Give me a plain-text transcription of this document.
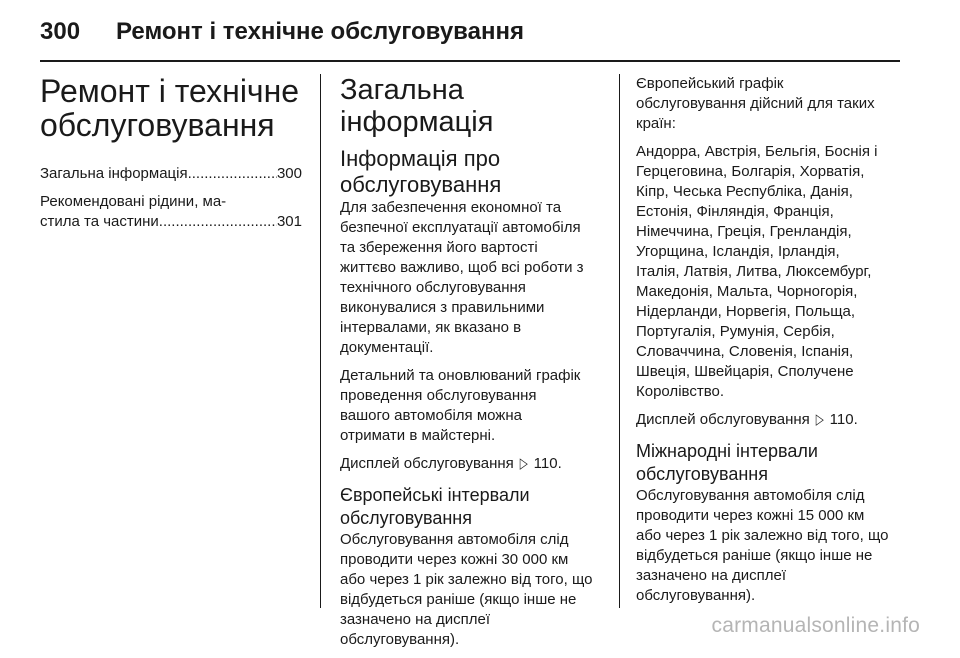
300 Ремонт і технічне обслуговування
Ремонт і технічне
обслуговування
Загальна інформація .....	300
Рекомендовані рідини, ма-
стила та частини .....	301
Загальна інформація
Інформація про
обслуговування

Для забезпечення економної та
безпечної експлуатації автомобіля
та збереження його вартості
життєво важливо, щоб всі роботи з
технічного обслуговування
виконувалися з правильними
інтервалами, як вказано в
документації.

Детальний та оновлюваний графік
проведення обслуговування
вашого автомобіля можна
отримати в майстерні.

Дисплей обслуговування ▷ 110.

Європейські інтервали
обслуговування

Обслуговування автомобіля слід
проводити через кожні 30 000 км
або через 1 рік залежно від того, що
відбудеться раніше (якщо інше не
зазначено на дисплеї
обслуговування).

Європейський графік
обслуговування дійсний для таких
країн:

Андорра, Австрія, Бельгія, Боснія і
Герцеговина, Болгарія, Хорватія,
Кіпр, Чеська Республіка, Данія,
Естонія, Фінляндія, Франція,
Німеччина, Греція, Гренландія,
Угорщина, Ісландія, Ірландія,
Італія, Латвія, Литва, Люксембург,
Македонія, Мальта, Чорногорія,
Нідерланди, Норвегія, Польща,
Португалія, Румунія, Сербія,
Словаччина, Словенія, Іспанія,
Швеція, Швейцарія, Сполучене
Королівство.

Дисплей обслуговування ▷ 110.

Міжнародні інтервали
обслуговування

Обслуговування автомобіля слід
проводити через кожні 15 000 км
або через 1 рік залежно від того, що
відбудеться раніше (якщо інше не
зазначено на дисплеї
обслуговування).

carmanualsonline.info
